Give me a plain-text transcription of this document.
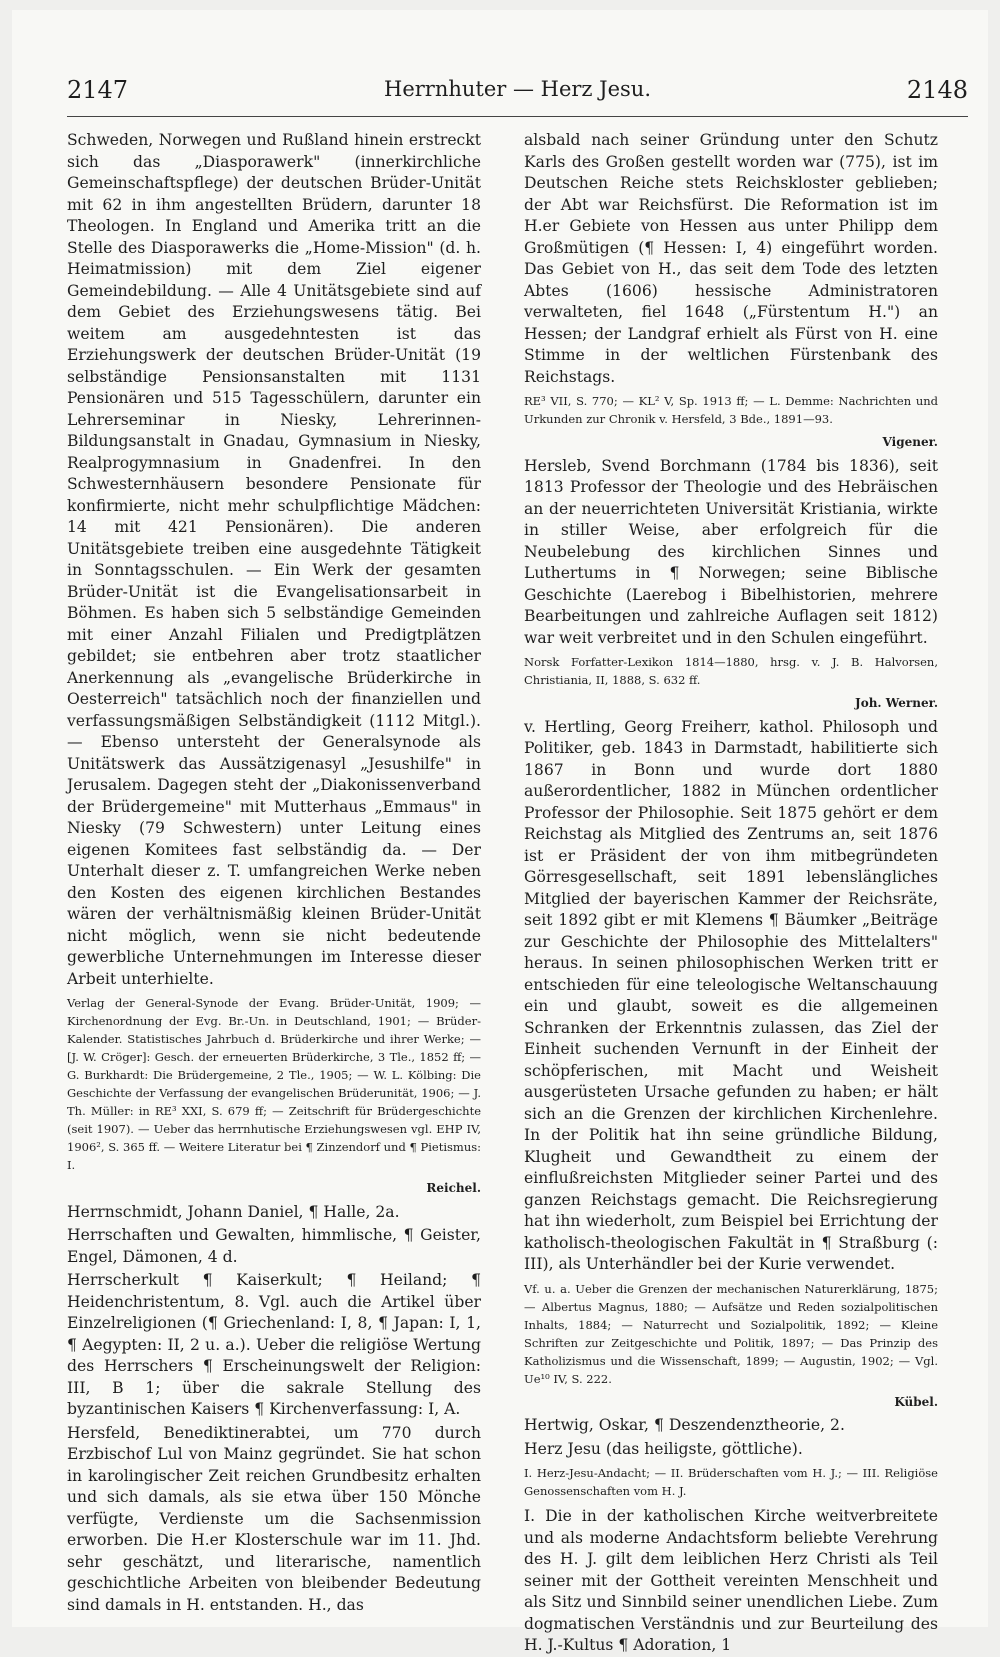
2147	Herrnhuter — Herz Jesu.	2148

Schweden, Norwegen und Rußland hinein erstreckt sich das „Diasporawerk" (innerkirchliche Gemeinschaftspflege) der deutschen Brüder-Unität mit 62 in ihm angestellten Brüdern, darunter 18 Theologen. In England und Amerika tritt an die Stelle des Diasporawerks die „Home-Mission" (d. h. Heimatmission) mit dem Ziel eigener Gemeindebildung. — Alle 4 Unitätsgebiete sind auf dem Gebiet des Erziehungswesens tätig. Bei weitem am ausgedehntesten ist das Erziehungswerk der deutschen Brüder-Unität (19 selbständige Pensionsanstalten mit 1131 Pensionären und 515 Tagesschülern, darunter ein Lehrerseminar in Niesky, Lehrerinnen-Bildungsanstalt in Gnadau, Gymnasium in Niesky, Realprogymnasium in Gnadenfrei. In den Schwesternhäusern besondere Pensionate für konfirmierte, nicht mehr schulpflichtige Mädchen: 14 mit 421 Pensionären). Die anderen Unitätsgebiete treiben eine ausgedehnte Tätigkeit in Sonntagsschulen. — Ein Werk der gesamten Brüder-Unität ist die Evangelisationsarbeit in Böhmen. Es haben sich 5 selbständige Gemeinden mit einer Anzahl Filialen und Predigtplätzen gebildet; sie entbehren aber trotz staatlicher Anerkennung als „evangelische Brüderkirche in Oesterreich" tatsächlich noch der finanziellen und verfassungsmäßigen Selbständigkeit (1112 Mitgl.). — Ebenso untersteht der Generalsynode als Unitätswerk das Aussätzigenasyl „Jesushilfe" in Jerusalem. Dagegen steht der „Diakonissenverband der Brüdergemeine" mit Mutterhaus „Emmaus" in Niesky (79 Schwestern) unter Leitung eines eigenen Komitees fast selbständig da. — Der Unterhalt dieser z. T. umfangreichen Werke neben den Kosten des eigenen kirchlichen Bestandes wären der verhältnismäßig kleinen Brüder-Unität nicht möglich, wenn sie nicht bedeutende gewerbliche Unternehmungen im Interesse dieser Arbeit unterhielte.

Verlag der General-Synode der Evang. Brüder-Unität, 1909; — Kirchenordnung der Evg. Br.-Un. in Deutschland, 1901; — Brüder-Kalender. Statistisches Jahrbuch d. Brüderkirche und ihrer Werke; — [J. W. Cröger]: Gesch. der erneuerten Brüderkirche, 3 Tle., 1852 ff; — G. Burkhardt: Die Brüdergemeine, 2 Tle., 1905; — W. L. Kölbing: Die Geschichte der Verfassung der evangelischen Brüderunität, 1906; — J. Th. Müller: in RE³ XXI, S. 679 ff; — Zeitschrift für Brüdergeschichte (seit 1907). — Ueber das herrnhutische Erziehungswesen vgl. EHP IV, 1906², S. 365 ff. — Weitere Literatur bei ¶ Zinzendorf und ¶ Pietismus: I.

Reichel.

Herrnschmidt, Johann Daniel, ¶ Halle, 2a.

Herrschaften und Gewalten, himmlische, ¶ Geister, Engel, Dämonen, 4 d.

Herrscherkult ¶ Kaiserkult; ¶ Heiland; ¶ Heidenchristentum, 8. Vgl. auch die Artikel über Einzelreligionen (¶ Griechenland: I, 8, ¶ Japan: I, 1, ¶ Aegypten: II, 2 u. a.). Ueber die religiöse Wertung des Herrschers ¶ Erscheinungswelt der Religion: III, B 1; über die sakrale Stellung des byzantinischen Kaisers ¶ Kirchenverfassung: I, A.

Hersfeld, Benediktinerabtei, um 770 durch Erzbischof Lul von Mainz gegründet. Sie hat schon in karolingischer Zeit reichen Grundbesitz erhalten und sich damals, als sie etwa über 150 Mönche verfügte, Verdienste um die Sachsenmission erworben. Die H.er Klosterschule war im 11. Jhd. sehr geschätzt, und literarische, namentlich geschichtliche Arbeiten von bleibender Bedeutung sind damals in H. entstanden. H., das

alsbald nach seiner Gründung unter den Schutz Karls des Großen gestellt worden war (775), ist im Deutschen Reiche stets Reichskloster geblieben; der Abt war Reichsfürst. Die Reformation ist im H.er Gebiete von Hessen aus unter Philipp dem Großmütigen (¶ Hessen: I, 4) eingeführt worden. Das Gebiet von H., das seit dem Tode des letzten Abtes (1606) hessische Administratoren verwalteten, fiel 1648 („Fürstentum H.") an Hessen; der Landgraf erhielt als Fürst von H. eine Stimme in der weltlichen Fürstenbank des Reichstags.

RE³ VII, S. 770; — KL² V, Sp. 1913 ff; — L. Demme: Nachrichten und Urkunden zur Chronik v. Hersfeld, 3 Bde., 1891—93.

Vigener.

Hersleb, Svend Borchmann (1784 bis 1836), seit 1813 Professor der Theologie und des Hebräischen an der neuerrichteten Universität Kristiania, wirkte in stiller Weise, aber erfolgreich für die Neubelebung des kirchlichen Sinnes und Luthertums in ¶ Norwegen; seine Biblische Geschichte (Laerebog i Bibelhistorien, mehrere Bearbeitungen und zahlreiche Auflagen seit 1812) war weit verbreitet und in den Schulen eingeführt.

Norsk Forfatter-Lexikon 1814—1880, hrsg. v. J. B. Halvorsen, Christiania, II, 1888, S. 632 ff.

Joh. Werner.

v. Hertling, Georg Freiherr, kathol. Philosoph und Politiker, geb. 1843 in Darmstadt, habilitierte sich 1867 in Bonn und wurde dort 1880 außerordentlicher, 1882 in München ordentlicher Professor der Philosophie. Seit 1875 gehört er dem Reichstag als Mitglied des Zentrums an, seit 1876 ist er Präsident der von ihm mitbegründeten Görresgesellschaft, seit 1891 lebenslängliches Mitglied der bayerischen Kammer der Reichsräte, seit 1892 gibt er mit Klemens ¶ Bäumker „Beiträge zur Geschichte der Philosophie des Mittelalters" heraus. In seinen philosophischen Werken tritt er entschieden für eine teleologische Weltanschauung ein und glaubt, soweit es die allgemeinen Schranken der Erkenntnis zulassen, das Ziel der Einheit suchenden Vernunft in der Einheit der schöpferischen, mit Macht und Weisheit ausgerüsteten Ursache gefunden zu haben; er hält sich an die Grenzen der kirchlichen Kirchenlehre. In der Politik hat ihn seine gründliche Bildung, Klugheit und Gewandtheit zu einem der einflußreichsten Mitglieder seiner Partei und des ganzen Reichstags gemacht. Die Reichsregierung hat ihn wiederholt, zum Beispiel bei Errichtung der katholisch-theologischen Fakultät in ¶ Straßburg (: III), als Unterhändler bei der Kurie verwendet.

Vf. u. a. Ueber die Grenzen der mechanischen Naturerklärung, 1875; — Albertus Magnus, 1880; — Aufsätze und Reden sozialpolitischen Inhalts, 1884; — Naturrecht und Sozialpolitik, 1892; — Kleine Schriften zur Zeitgeschichte und Politik, 1897; — Das Prinzip des Katholizismus und die Wissenschaft, 1899; — Augustin, 1902; — Vgl. Ue¹⁰ IV, S. 222.

Kübel.

Hertwig, Oskar, ¶ Deszendenztheorie, 2.

Herz Jesu (das heiligste, göttliche).

I. Herz-Jesu-Andacht; — II. Brüderschaften vom H. J.; — III. Religiöse Genossenschaften vom H. J.

I. Die in der katholischen Kirche weitverbreitete und als moderne Andachtsform beliebte Verehrung des H. J. gilt dem leiblichen Herz Christi als Teil seiner mit der Gottheit vereinten Menschheit und als Sitz und Sinnbild seiner unendlichen Liebe. Zum dogmatischen Verständnis und zur Beurteilung des H. J.-Kultus ¶ Adoration, 1
